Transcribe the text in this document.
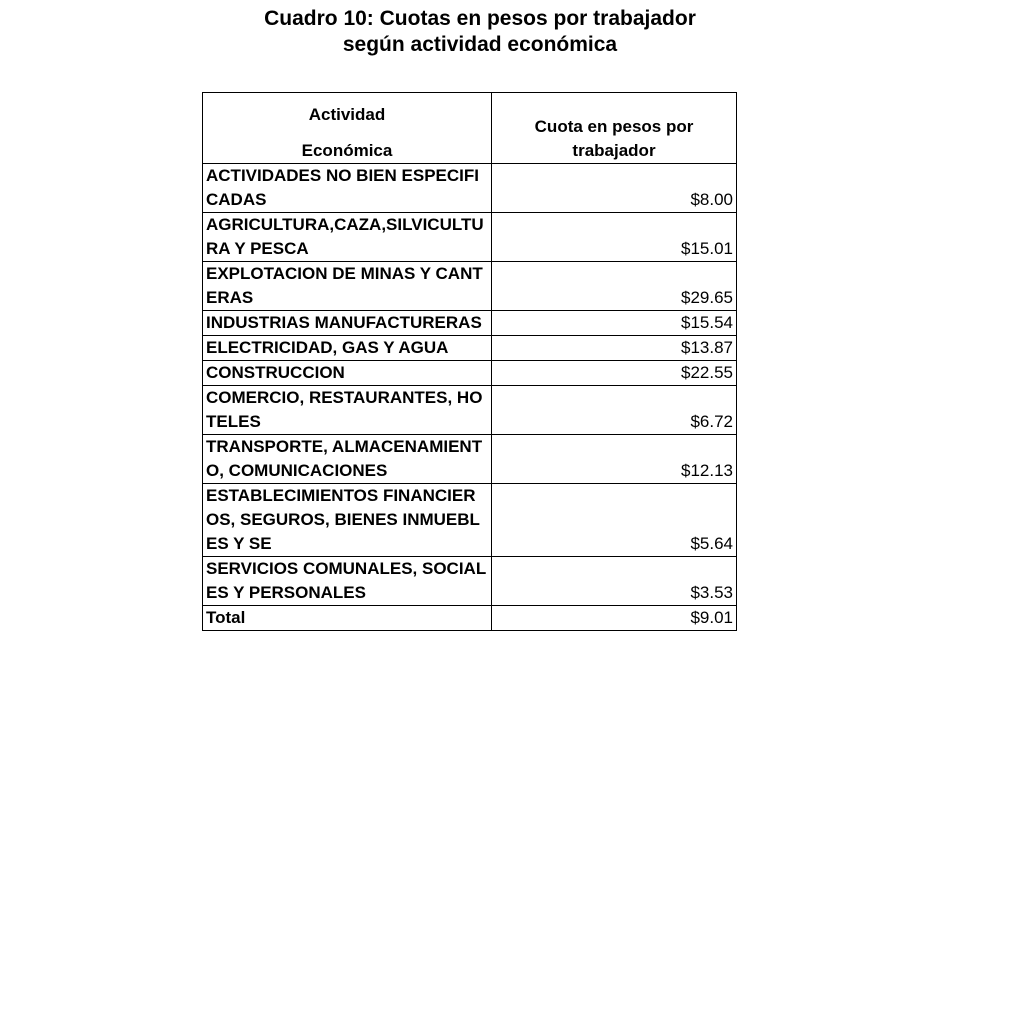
Cuadro 10: Cuotas en pesos por trabajador
según actividad económica
Actividad
Económica	Cuota en pesos por trabajador
ACTIVIDADES NO BIEN ESPECIFICADAS	$8.00
AGRICULTURA,CAZA,SILVICULTURA Y PESCA	$15.01
EXPLOTACION DE MINAS Y CANTERAS	$29.65
INDUSTRIAS MANUFACTURERAS	$15.54
ELECTRICIDAD, GAS Y AGUA	$13.87
CONSTRUCCION	$22.55
COMERCIO, RESTAURANTES, HOTELES	$6.72
TRANSPORTE, ALMACENAMIENTO, COMUNICACIONES	$12.13
ESTABLECIMIENTOS FINANCIEROS, SEGUROS, BIENES INMUEBLES Y SE	$5.64
SERVICIOS COMUNALES, SOCIALES Y PERSONALES	$3.53
Total	$9.01
